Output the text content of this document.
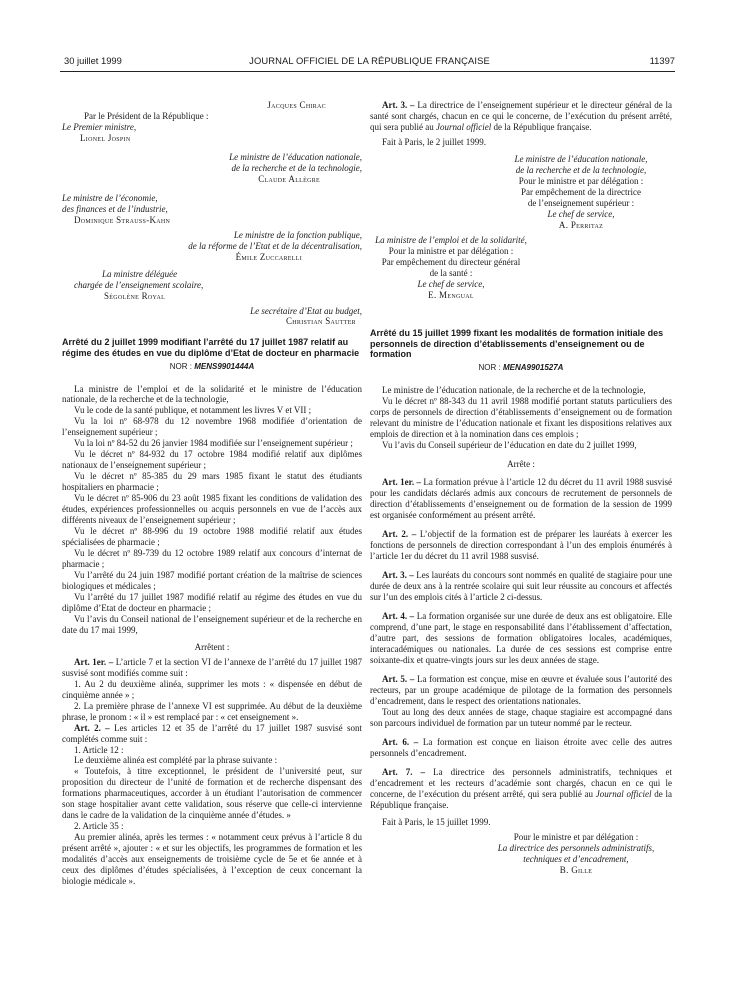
30 juillet 1999	JOURNAL OFFICIEL DE LA RÉPUBLIQUE FRANÇAISE	11397

Jacques Chirac

Par le Président de la République :

Le Premier ministre,

Lionel Jospin

Le ministre de l’éducation nationale,

de la recherche et de la technologie,

Claude Allègre

Le ministre de l’économie,

des finances et de l’industrie,

Dominique Strauss-Kahn

Le ministre de la fonction publique,

de la réforme de l’Etat et de la décentralisation,

Émile Zuccarelli

La ministre déléguée

chargée de l’enseignement scolaire,

Ségolène Royal

Le secrétaire d’Etat au budget,

Christian Sautter

Arrêté du 2 juillet 1999 modifiant l’arrêté du 17 juillet 1987 relatif au régime des études en vue du diplôme d’Etat de docteur en pharmacie

NOR : MENS9901444A

La ministre de l’emploi et de la solidarité et le ministre de l’éducation nationale, de la recherche et de la technologie,

Vu le code de la santé publique, et notamment les livres V et VII ;

Vu la loi nº 68-978 du 12 novembre 1968 modifiée d’orientation de l’enseignement supérieur ;

Vu la loi nº 84-52 du 26 janvier 1984 modifiée sur l’enseignement supérieur ;

Vu le décret nº 84-932 du 17 octobre 1984 modifié relatif aux diplômes nationaux de l’enseignement supérieur ;

Vu le décret nº 85-385 du 29 mars 1985 fixant le statut des étudiants hospitaliers en pharmacie ;

Vu le décret nº 85-906 du 23 août 1985 fixant les conditions de validation des études, expériences professionnelles ou acquis personnels en vue de l’accès aux différents niveaux de l’enseignement supérieur ;

Vu le décret nº 88-996 du 19 octobre 1988 modifié relatif aux études spécialisées de pharmacie ;

Vu le décret nº 89-739 du 12 octobre 1989 relatif aux concours d’internat de pharmacie ;

Vu l’arrêté du 24 juin 1987 modifié portant création de la maîtrise de sciences biologiques et médicales ;

Vu l’arrêté du 17 juillet 1987 modifié relatif au régime des études en vue du diplôme d’Etat de docteur en pharmacie ;

Vu l’avis du Conseil national de l’enseignement supérieur et de la recherche en date du 17 mai 1999,

Arrêtent :

Art. 1er. – L’article 7 et la section VI de l’annexe de l’arrêté du 17 juillet 1987 susvisé sont modifiés comme suit :

1. Au 2 du deuxième alinéa, supprimer les mots : « dispensée en début de cinquième année » ;

2. La première phrase de l’annexe VI est supprimée. Au début de la deuxième phrase, le pronom : « il » est remplacé par : « cet enseignement ».

Art. 2. – Les articles 12 et 35 de l’arrêté du 17 juillet 1987 susvisé sont complétés comme suit :

1. Article 12 :

Le deuxième alinéa est complété par la phrase suivante :

« Toutefois, à titre exceptionnel, le président de l’université peut, sur proposition du directeur de l’unité de formation et de recherche dispensant des formations pharmaceutiques, accorder à un étudiant l’autorisation de commencer son stage hospitalier avant cette validation, sous réserve que celle-ci intervienne dans le cadre de la validation de la cinquième année d’études. »

2. Article 35 :

Au premier alinéa, après les termes : « notamment ceux prévus à l’article 8 du présent arrêté », ajouter : « et sur les objectifs, les programmes de formation et les modalités d’accès aux enseignements de troisième cycle de 5e et 6e année et à ceux des diplômes d’études spécialisées, à l’exception de ceux concernant la biologie médicale ».

Art. 3. – La directrice de l’enseignement supérieur et le directeur général de la santé sont chargés, chacun en ce qui le concerne, de l’exécution du présent arrêté, qui sera publié au Journal officiel de la République française.

Fait à Paris, le 2 juillet 1999.

Le ministre de l’éducation nationale,

de la recherche et de la technologie,

Pour le ministre et par délégation :

Par empêchement de la directrice

de l’enseignement supérieur :

Le chef de service,

A. Perritaz

La ministre de l’emploi et de la solidarité,

Pour la ministre et par délégation :

Par empêchement du directeur général

de la santé :

Le chef de service,

E. Mengual

Arrêté du 15 juillet 1999 fixant les modalités de formation initiale des personnels de direction d’établissements d’enseignement ou de formation

NOR : MENA9901527A

Le ministre de l’éducation nationale, de la recherche et de la technologie,

Vu le décret nº 88-343 du 11 avril 1988 modifié portant statuts particuliers des corps de personnels de direction d’établissements d’enseignement ou de formation relevant du ministre de l’éducation nationale et fixant les dispositions relatives aux emplois de direction et à la nomination dans ces emplois ;

Vu l’avis du Conseil supérieur de l’éducation en date du 2 juillet 1999,

Arrête :

Art. 1er. – La formation prévue à l’article 12 du décret du 11 avril 1988 susvisé pour les candidats déclarés admis aux concours de recrutement de personnels de direction d’établissements d’enseignement ou de formation de la session de 1999 est organisée conformément au présent arrêté.

Art. 2. – L’objectif de la formation est de préparer les lauréats à exercer les fonctions de personnels de direction correspondant à l’un des emplois énumérés à l’article 1er du décret du 11 avril 1988 susvisé.

Art. 3. – Les lauréats du concours sont nommés en qualité de stagiaire pour une durée de deux ans à la rentrée scolaire qui suit leur réussite au concours et affectés sur l’un des emplois cités à l’article 2 ci-dessus.

Art. 4. – La formation organisée sur une durée de deux ans est obligatoire. Elle comprend, d’une part, le stage en responsabilité dans l’établissement d’affectation, d’autre part, des sessions de formation obligatoires locales, académiques, interacadémiques ou nationales. La durée de ces sessions est comprise entre soixante-dix et quatre-vingts jours sur les deux années de stage.

Art. 5. – La formation est conçue, mise en œuvre et évaluée sous l’autorité des recteurs, par un groupe académique de pilotage de la formation des personnels d’encadrement, dans le respect des orientations nationales.

Tout au long des deux années de stage, chaque stagiaire est accompagné dans son parcours individuel de formation par un tuteur nommé par le recteur.

Art. 6. – La formation est conçue en liaison étroite avec celle des autres personnels d’encadrement.

Art. 7. – La directrice des personnels administratifs, techniques et d’encadrement et les recteurs d’académie sont chargés, chacun en ce qui le concerne, de l’exécution du présent arrêté, qui sera publié au Journal officiel de la République française.

Fait à Paris, le 15 juillet 1999.

Pour le ministre et par délégation :

La directrice des personnels administratifs,

techniques et d’encadrement,

B. Gille
